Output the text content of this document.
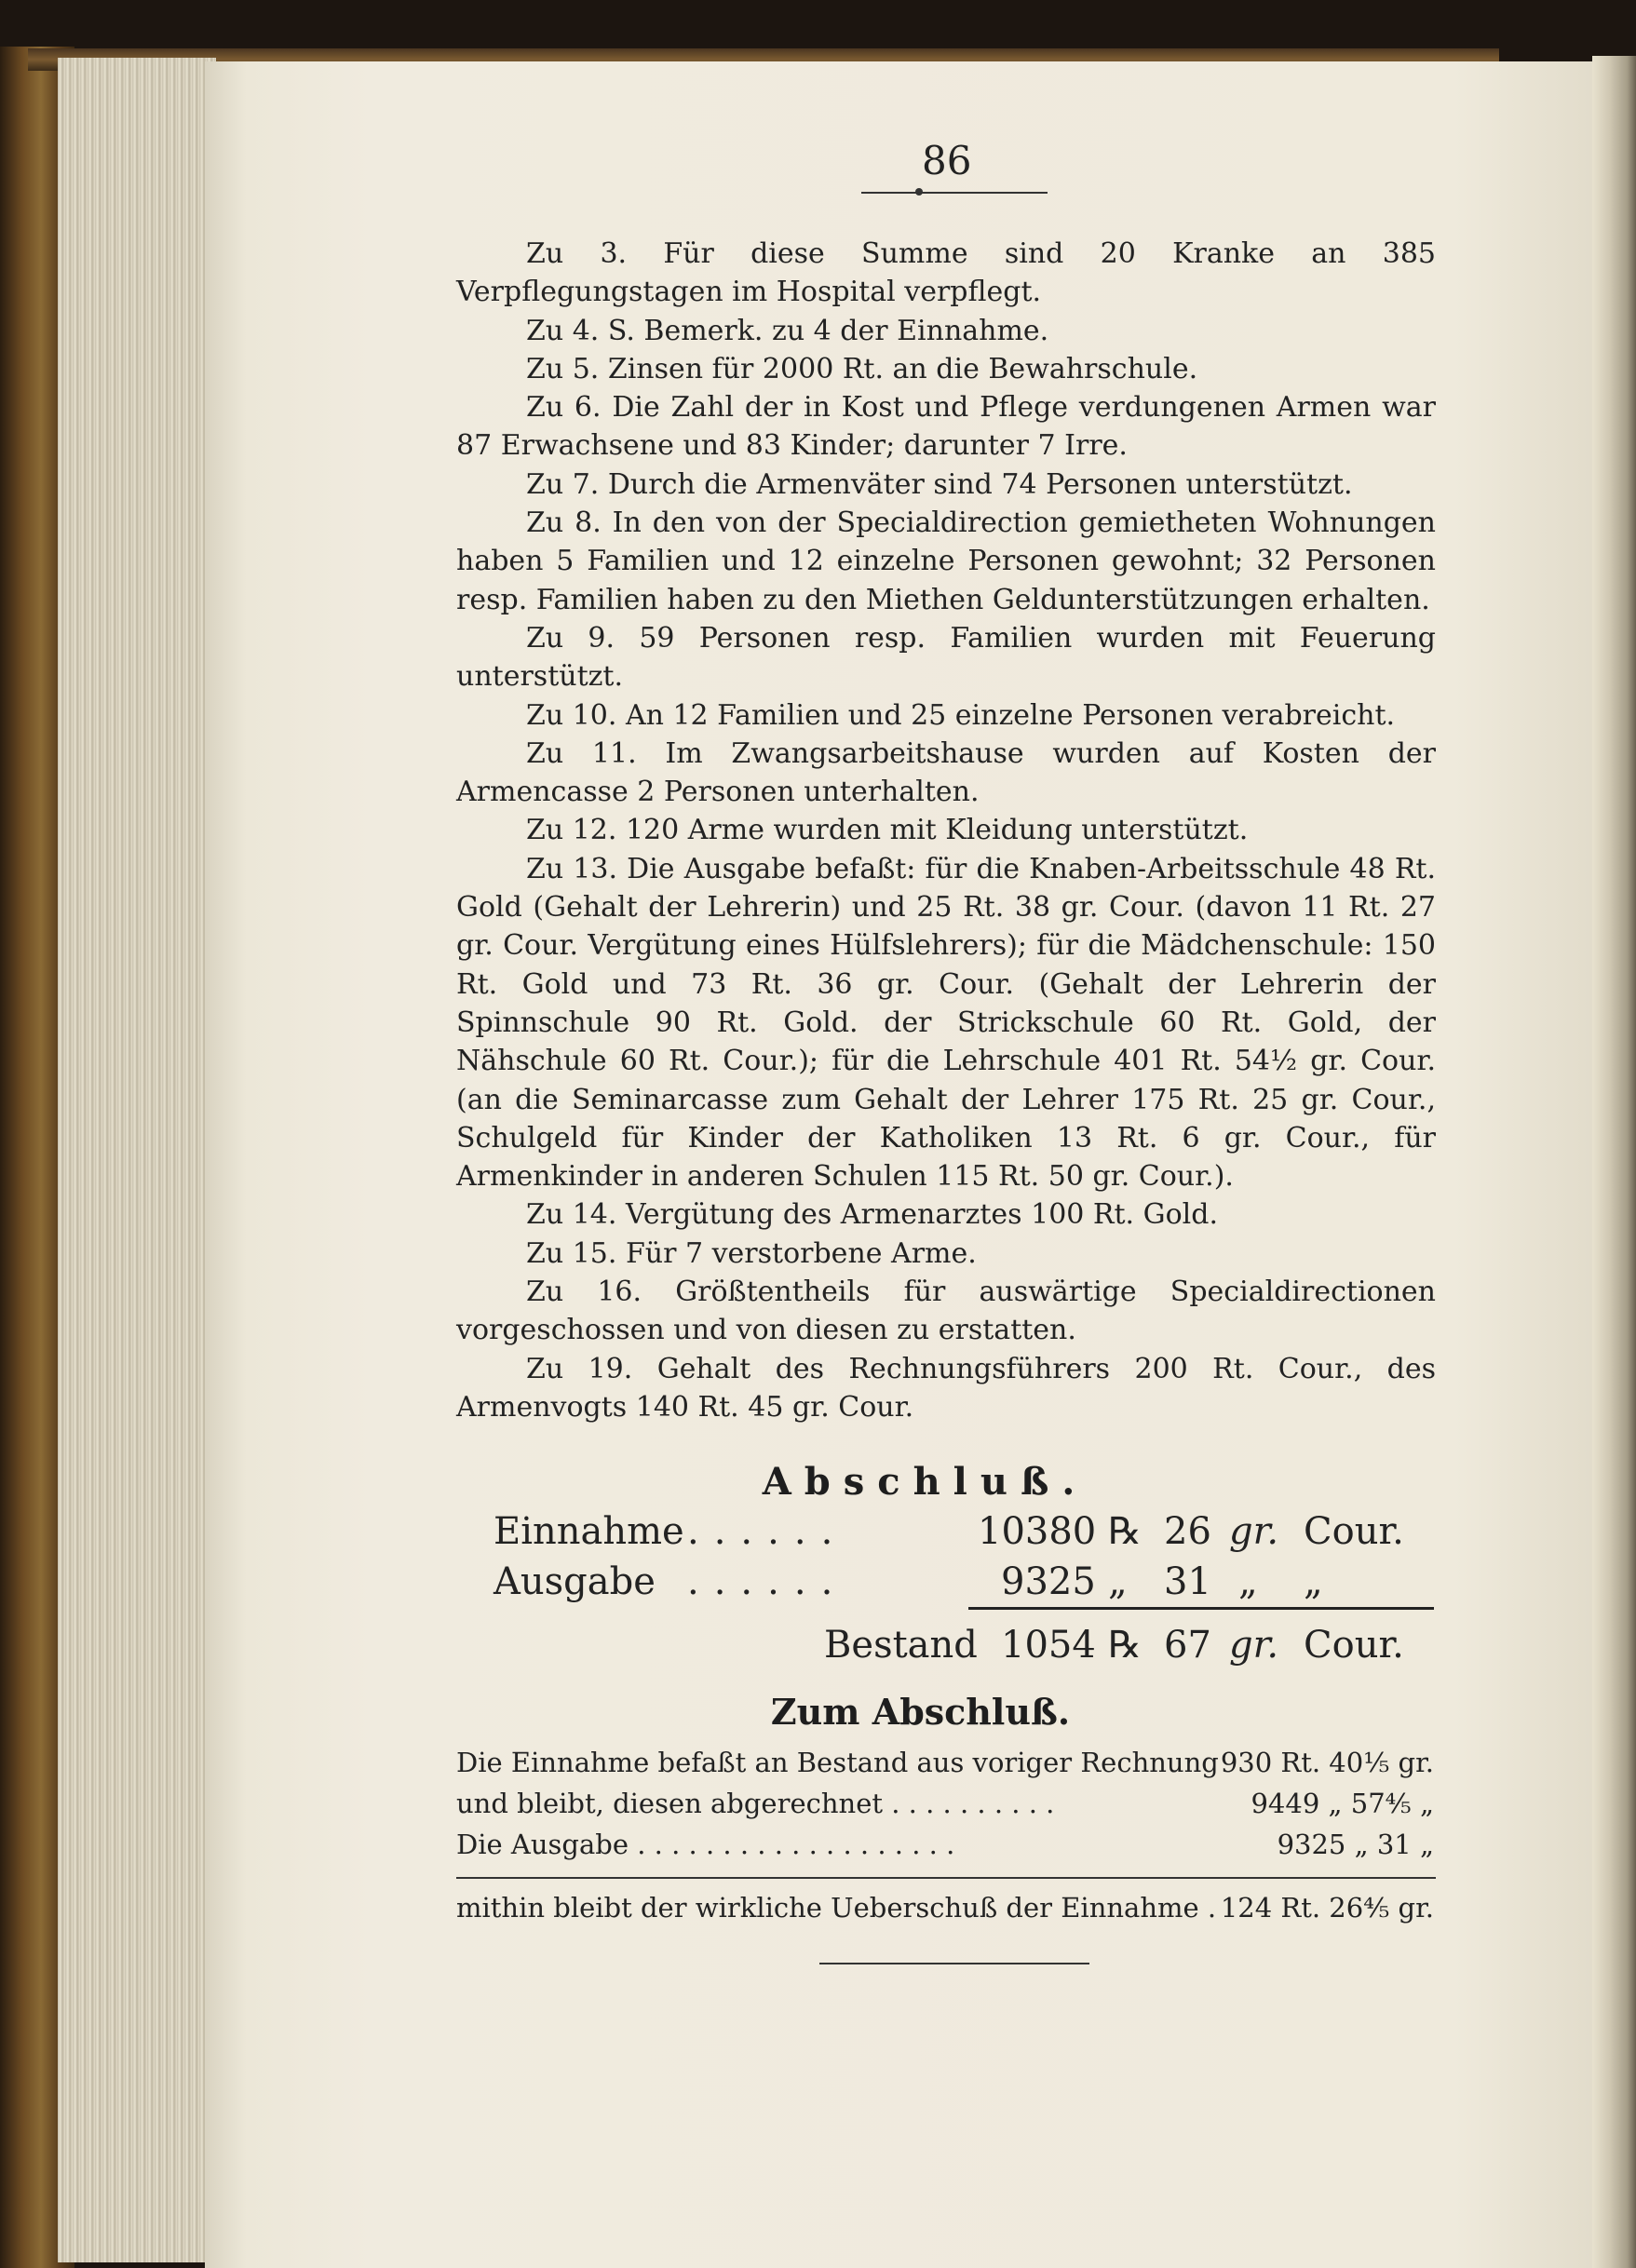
86

Zu 3. Für diese Summe sind 20 Kranke an 385 Verpflegungstagen im Hospital verpflegt.

Zu 4. S. Bemerk. zu 4 der Einnahme.

Zu 5. Zinsen für 2000 Rt. an die Bewahrschule.

Zu 6. Die Zahl der in Kost und Pflege verdungenen Armen war 87 Erwachsene und 83 Kinder; darunter 7 Irre.

Zu 7. Durch die Armenväter sind 74 Personen unterstützt.

Zu 8. In den von der Specialdirection gemietheten Wohnungen haben 5 Familien und 12 einzelne Personen gewohnt; 32 Personen resp. Familien haben zu den Miethen Geldunterstützungen erhalten.

Zu 9. 59 Personen resp. Familien wurden mit Feuerung unterstützt.

Zu 10. An 12 Familien und 25 einzelne Personen verabreicht.

Zu 11. Im Zwangsarbeitshause wurden auf Kosten der Armencasse 2 Personen unterhalten.

Zu 12. 120 Arme wurden mit Kleidung unterstützt.

Zu 13. Die Ausgabe befaßt: für die Knaben-Arbeitsschule 48 Rt. Gold (Gehalt der Lehrerin) und 25 Rt. 38 gr. Cour. (davon 11 Rt. 27 gr. Cour. Vergütung eines Hülfslehrers); für die Mädchenschule: 150 Rt. Gold und 73 Rt. 36 gr. Cour. (Gehalt der Lehrerin der Spinnschule 90 Rt. Gold. der Strickschule 60 Rt. Gold, der Nähschule 60 Rt. Cour.); für die Lehrschule 401 Rt. 54½ gr. Cour. (an die Seminarcasse zum Gehalt der Lehrer 175 Rt. 25 gr. Cour., Schulgeld für Kinder der Katholiken 13 Rt. 6 gr. Cour., für Armenkinder in anderen Schulen 115 Rt. 50 gr. Cour.).

Zu 14. Vergütung des Armenarztes 100 Rt. Gold.

Zu 15. Für 7 verstorbene Arme.

Zu 16. Größtentheils für auswärtige Specialdirectionen vorgeschossen und von diesen zu erstatten.

Zu 19. Gehalt des Rechnungsführers 200 Rt. Cour., des Armenvogts 140 Rt. 45 gr. Cour.

Abschluß.
Einnahme ......	10380 ℞ 26 gr. Cour.
Ausgabe ......	9325 „ 31 „ „
Bestand 1054 ℞ 67 gr. Cour.
Zum Abschluß.
Die Einnahme befaßt an Bestand aus voriger Rechnung 930 Rt. 40⅕ gr.
und bleibt, diesen abgerechnet . . . . . . . . . .	9449 „ 57⅘ „
Die Ausgabe . . . . . . . . . . . . . . . . . . .	9325 „ 31 „
mithin bleibt der wirkliche Ueberschuß der Einnahme . 124 Rt. 26⅘ gr.
